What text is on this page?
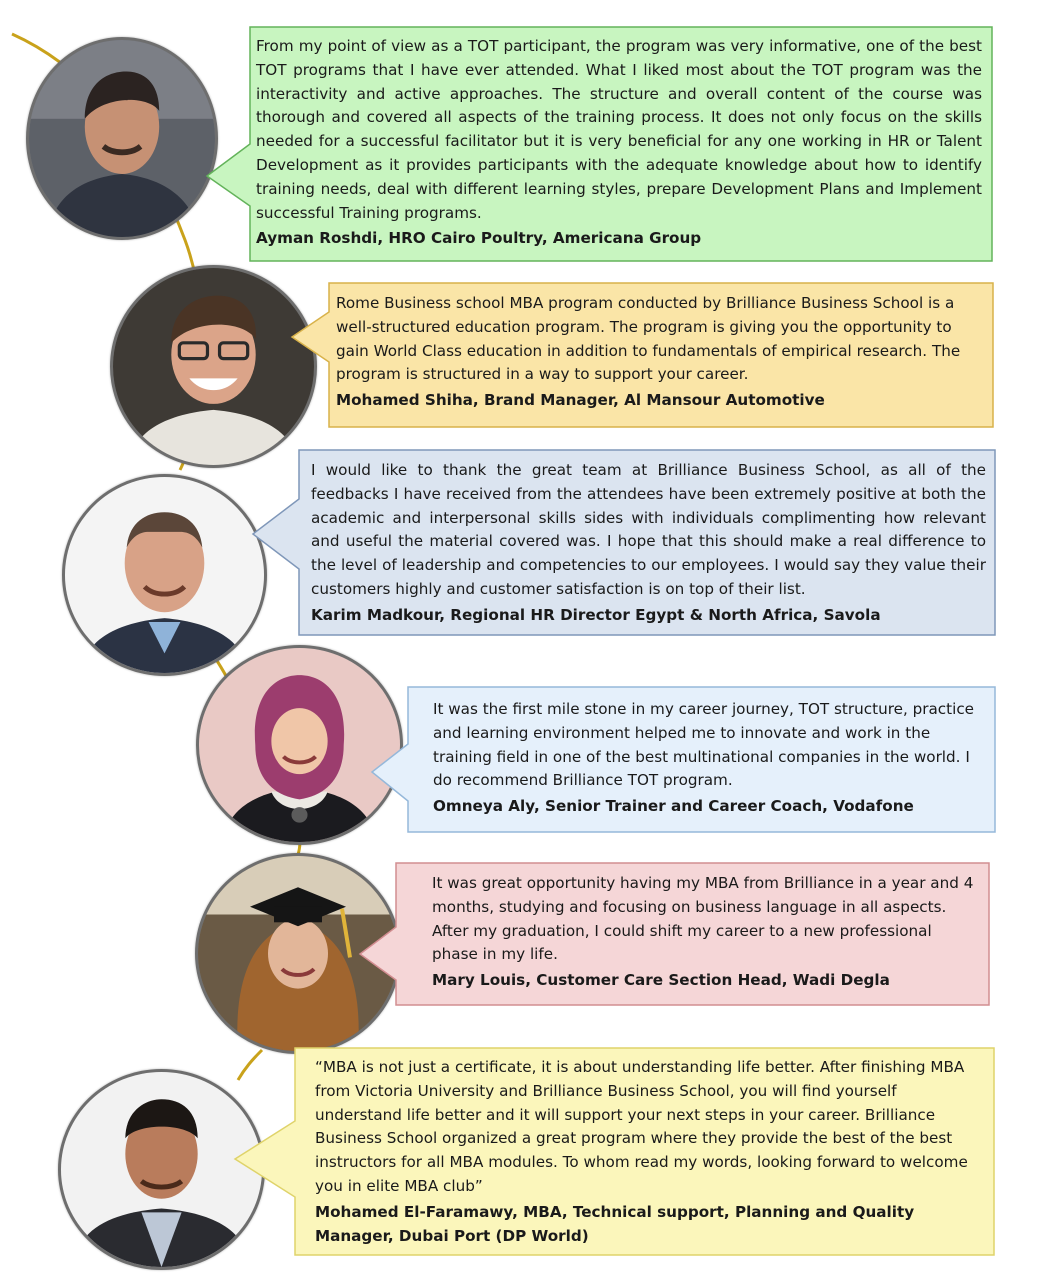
From my point of view as a TOT participant, the program was very informative, one of the best TOT programs that I have ever attended. What I liked most about the TOT program was the interactivity and active approaches. The structure and overall content of the course was thorough and covered all aspects of the training process. It does not only focus on the skills needed for a successful facilitator but it is very beneficial for any one working in HR or Talent Development as it provides participants with the adequate knowledge about how to identify training needs, deal with different learning styles, prepare Development Plans and Implement successful Training programs.

Ayman Roshdi, HRO Cairo Poultry, Americana Group

Rome Business school MBA program conducted by Brilliance Business School is a well-structured education program. The program is giving you the opportunity to gain World Class education in addition to fundamentals of empirical research. The program is structured in a way to support your career.

Mohamed Shiha, Brand Manager, Al Mansour Automotive

I would like to thank the great team at Brilliance Business School, as all of the feedbacks I have received from the attendees have been extremely positive at both the academic and interpersonal skills sides with individuals complimenting how relevant and useful the material covered was. I hope that this should make a real difference to the level of leadership and competencies to our employees. I would say they value their customers highly and customer satisfaction is on top of their list.

Karim Madkour, Regional HR Director Egypt & North Africa, Savola

It was the first mile stone in my career journey, TOT structure, practice and learning environment helped me to innovate and work in the training field in one of the best multinational companies in the world. I do recommend Brilliance TOT program.

Omneya Aly, Senior Trainer and Career Coach, Vodafone

It was great opportunity having my MBA from Brilliance in a year and 4 months, studying and focusing on business language in all aspects. After my graduation, I could shift my career to a new professional phase in my life.

Mary Louis, Customer Care Section Head, Wadi Degla

“MBA is not just a certificate, it is about understanding life better. After finishing MBA from Victoria University and Brilliance Business School, you will find yourself understand life better and it will support your next steps in your career. Brilliance Business School organized a great program where they provide the best of the best instructors for all MBA modules. To whom read my words, looking forward to welcome you in elite MBA club”

Mohamed El-Faramawy, MBA, Technical support, Planning and Quality Manager, Dubai Port (DP World)
